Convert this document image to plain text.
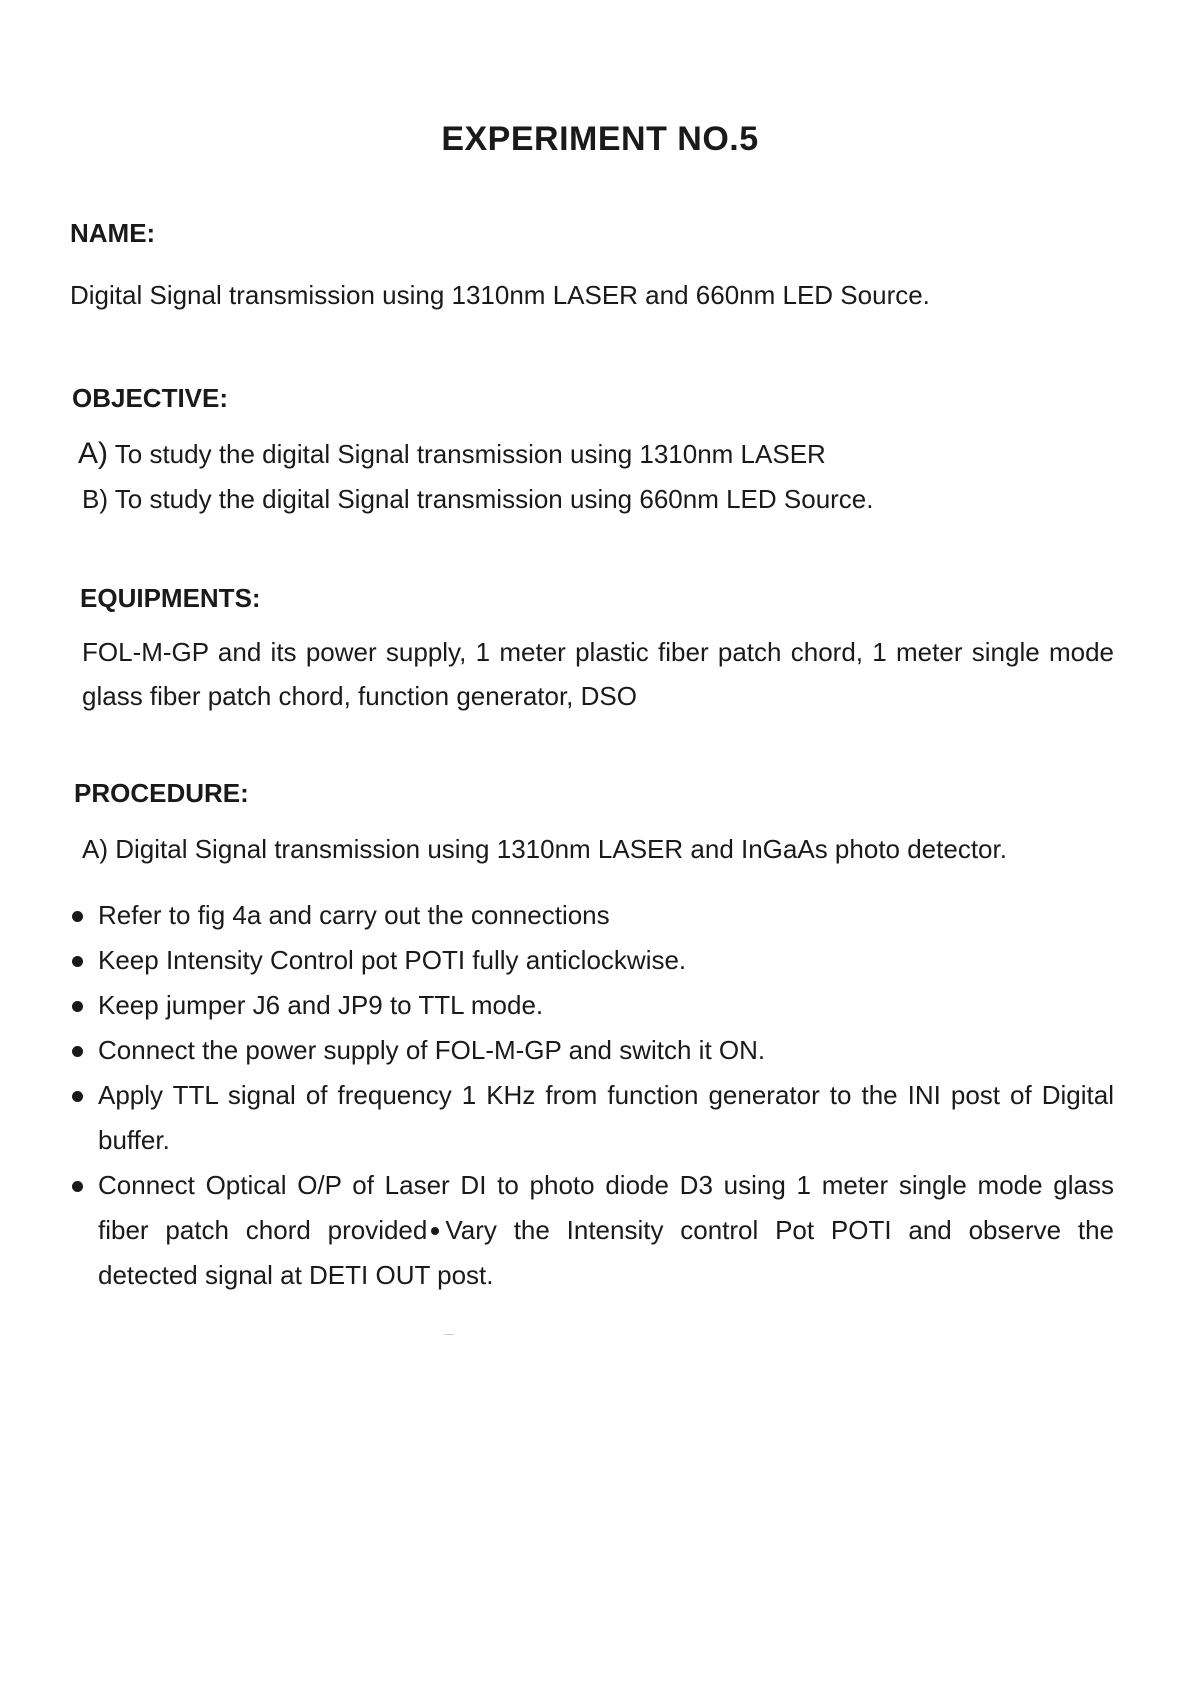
EXPERIMENT NO.5
NAME:
Digital Signal transmission using 1310nm LASER and 660nm LED Source.
OBJECTIVE:
A) To study the digital Signal transmission using 1310nm LASER
B) To study the digital Signal transmission using 660nm LED Source.
EQUIPMENTS:
FOL-M-GP and its power supply, 1 meter plastic fiber patch chord, 1 meter single mode glass fiber patch chord, function generator, DSO
PROCEDURE:
A) Digital Signal transmission using 1310nm LASER and InGaAs photo detector.
Refer to fig 4a and carry out the connections
Keep Intensity Control pot POTI fully anticlockwise.
Keep jumper J6 and JP9 to TTL mode.
Connect the power supply of FOL-M-GP and switch it ON.
Apply TTL signal of frequency 1 KHz from function generator to the INI post of Digital buffer.
Connect Optical O/P of Laser DI to photo diode D3 using 1 meter single mode glass fiber patch chord provided Vary the Intensity control Pot POTI and observe the detected signal at DETI OUT post.
